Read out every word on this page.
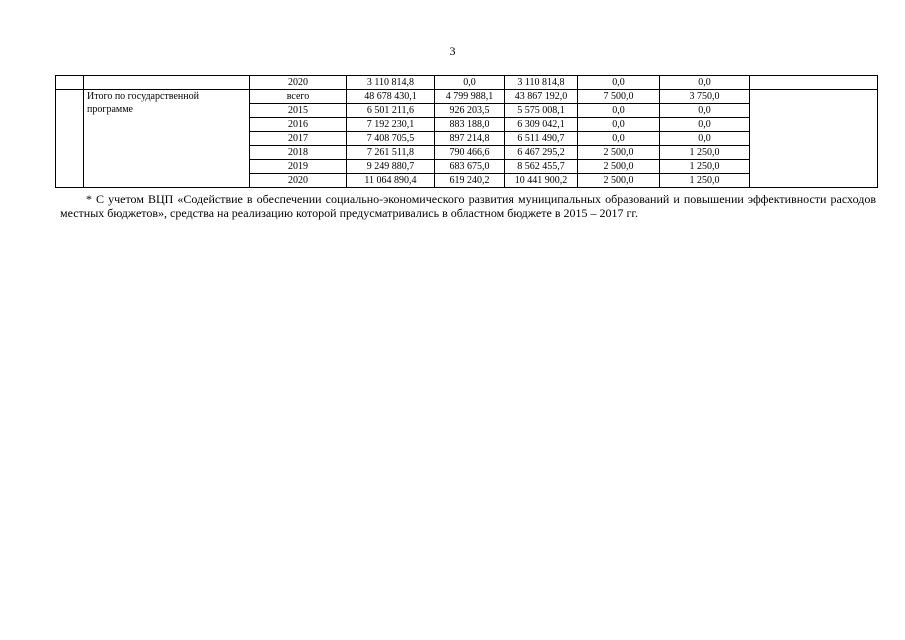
3
		2020	3 110 814,8	0,0	3 110 814,8	0,0	0,0	
	Итого по государственной программе	всего	48 678 430,1	4 799 988,1	43 867 192,0	7 500,0	3 750,0	
		2015	6 501 211,6	926 203,5	5 575 008,1	0,0	0,0	
		2016	7 192 230,1	883 188,0	6 309 042,1	0,0	0,0	
		2017	7 408 705,5	897 214,8	6 511 490,7	0,0	0,0	
		2018	7 261 511,8	790 466,6	6 467 295,2	2 500,0	1 250,0	
		2019	9 249 880,7	683 675,0	8 562 455,7	2 500,0	1 250,0	
		2020	11 064 890,4	619 240,2	10 441 900,2	2 500,0	1 250,0	

* С учетом ВЦП «Содействие в обеспечении социально-экономического развития муниципальных образований и повышении эффективности расходов местных бюджетов», средства на реализацию которой предусматривались в областном бюджете в 2015 – 2017 гг.
